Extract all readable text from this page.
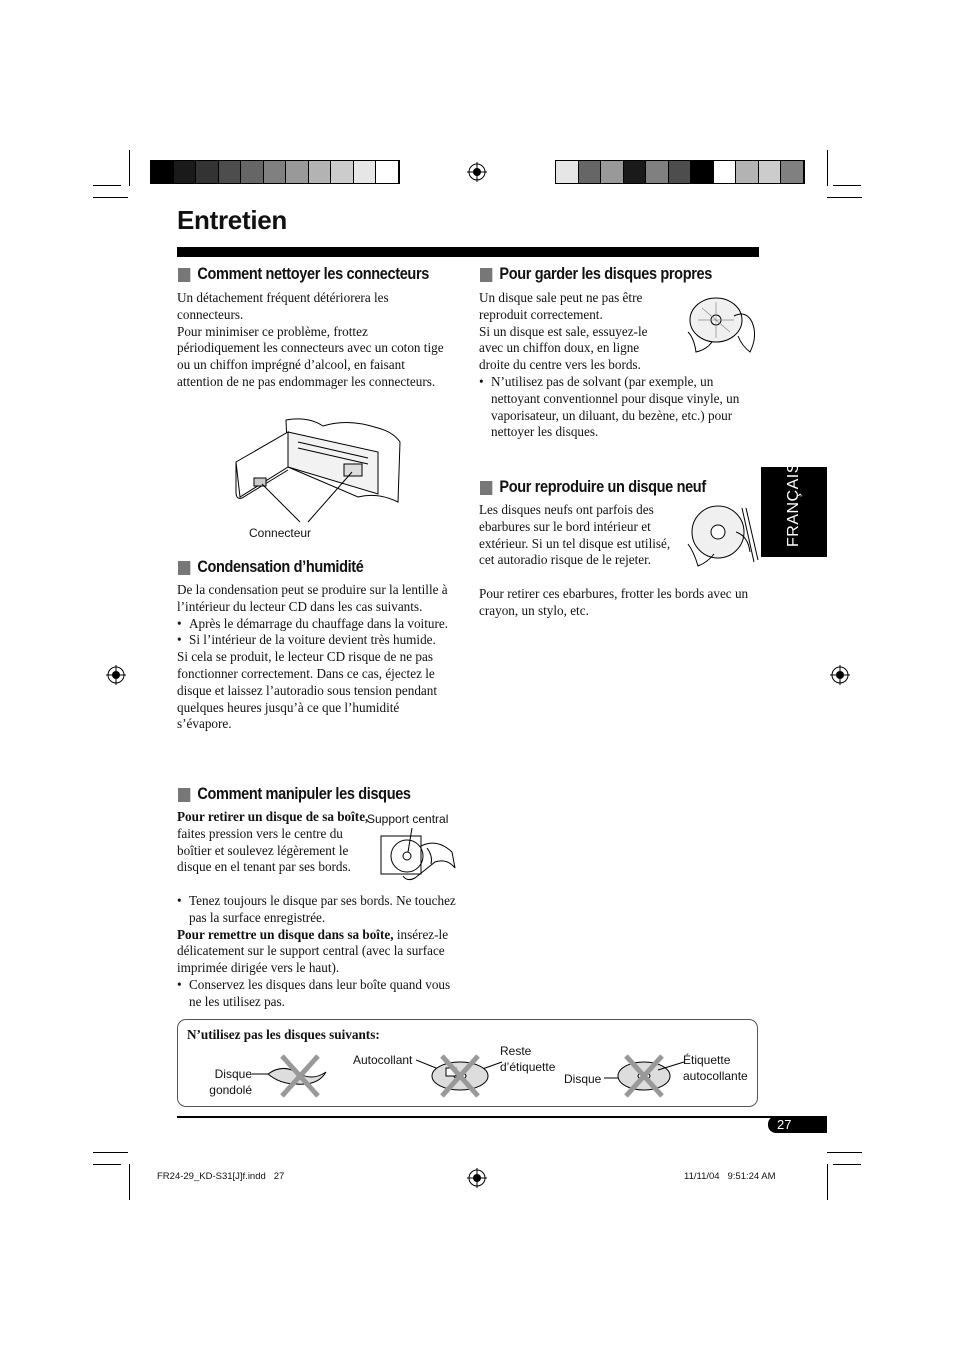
Entretien
FRANÇAIS
Comment nettoyer les connecteurs

Un détachement fréquent détériorera les connecteurs.

Pour minimiser ce problème, frottez périodiquement les connecteurs avec un coton tige ou un chiffon imprégné d’alcool, en faisant attention de ne pas endommager les connecteurs.

Connecteur
Condensation d’humidité

De la condensation peut se produire sur la lentille à l’intérieur du lecteur CD dans les cas suivants.

• Après le démarrage du chauffage dans la voiture.

• Si l’intérieur de la voiture devient très humide.

Si cela se produit, le lecteur CD risque de ne pas fonctionner correctement. Dans ce cas, éjectez le disque et laissez l’autoradio sous tension pendant quelques heures jusqu’à ce que l’humidité s’évapore.

Comment manipuler les disques

Pour retirer un disque de sa boîte, faites pression vers le centre du boîtier et soulevez légèrement le disque en el tenant par ses bords.

Support central

• Tenez toujours le disque par ses bords. Ne touchez pas la surface enregistrée.

Pour remettre un disque dans sa boîte, insérez-le délicatement sur le support central (avec la surface imprimée dirigée vers le haut).

• Conservez les disques dans leur boîte quand vous ne les utilisez pas.

Pour garder les disques propres

Un disque sale peut ne pas être reproduit correctement.

Si un disque est sale, essuyez-le avec un chiffon doux, en ligne droite du centre vers les bords.

• N’utilisez pas de solvant (par exemple, un nettoyant conventionnel pour disque vinyle, un vaporisateur, un diluant, du bezène, etc.) pour nettoyer les disques.

Pour reproduire un disque neuf

Les disques neufs ont parfois des ebarbures sur le bord intérieur et extérieur. Si un tel disque est utilisé, cet autoradio risque de le rejeter.

Pour retirer ces ebarbures, frotter les bords avec un crayon, un stylo, etc.

N’utilisez pas les disques suivants:
Disque
gondolé
Autocollant
Reste
d’étiquette
Disque
Étiquette
autocollante
27
FR24-29_KD-S31[J]f.indd   27	11/11/04   9:51:24 AM
